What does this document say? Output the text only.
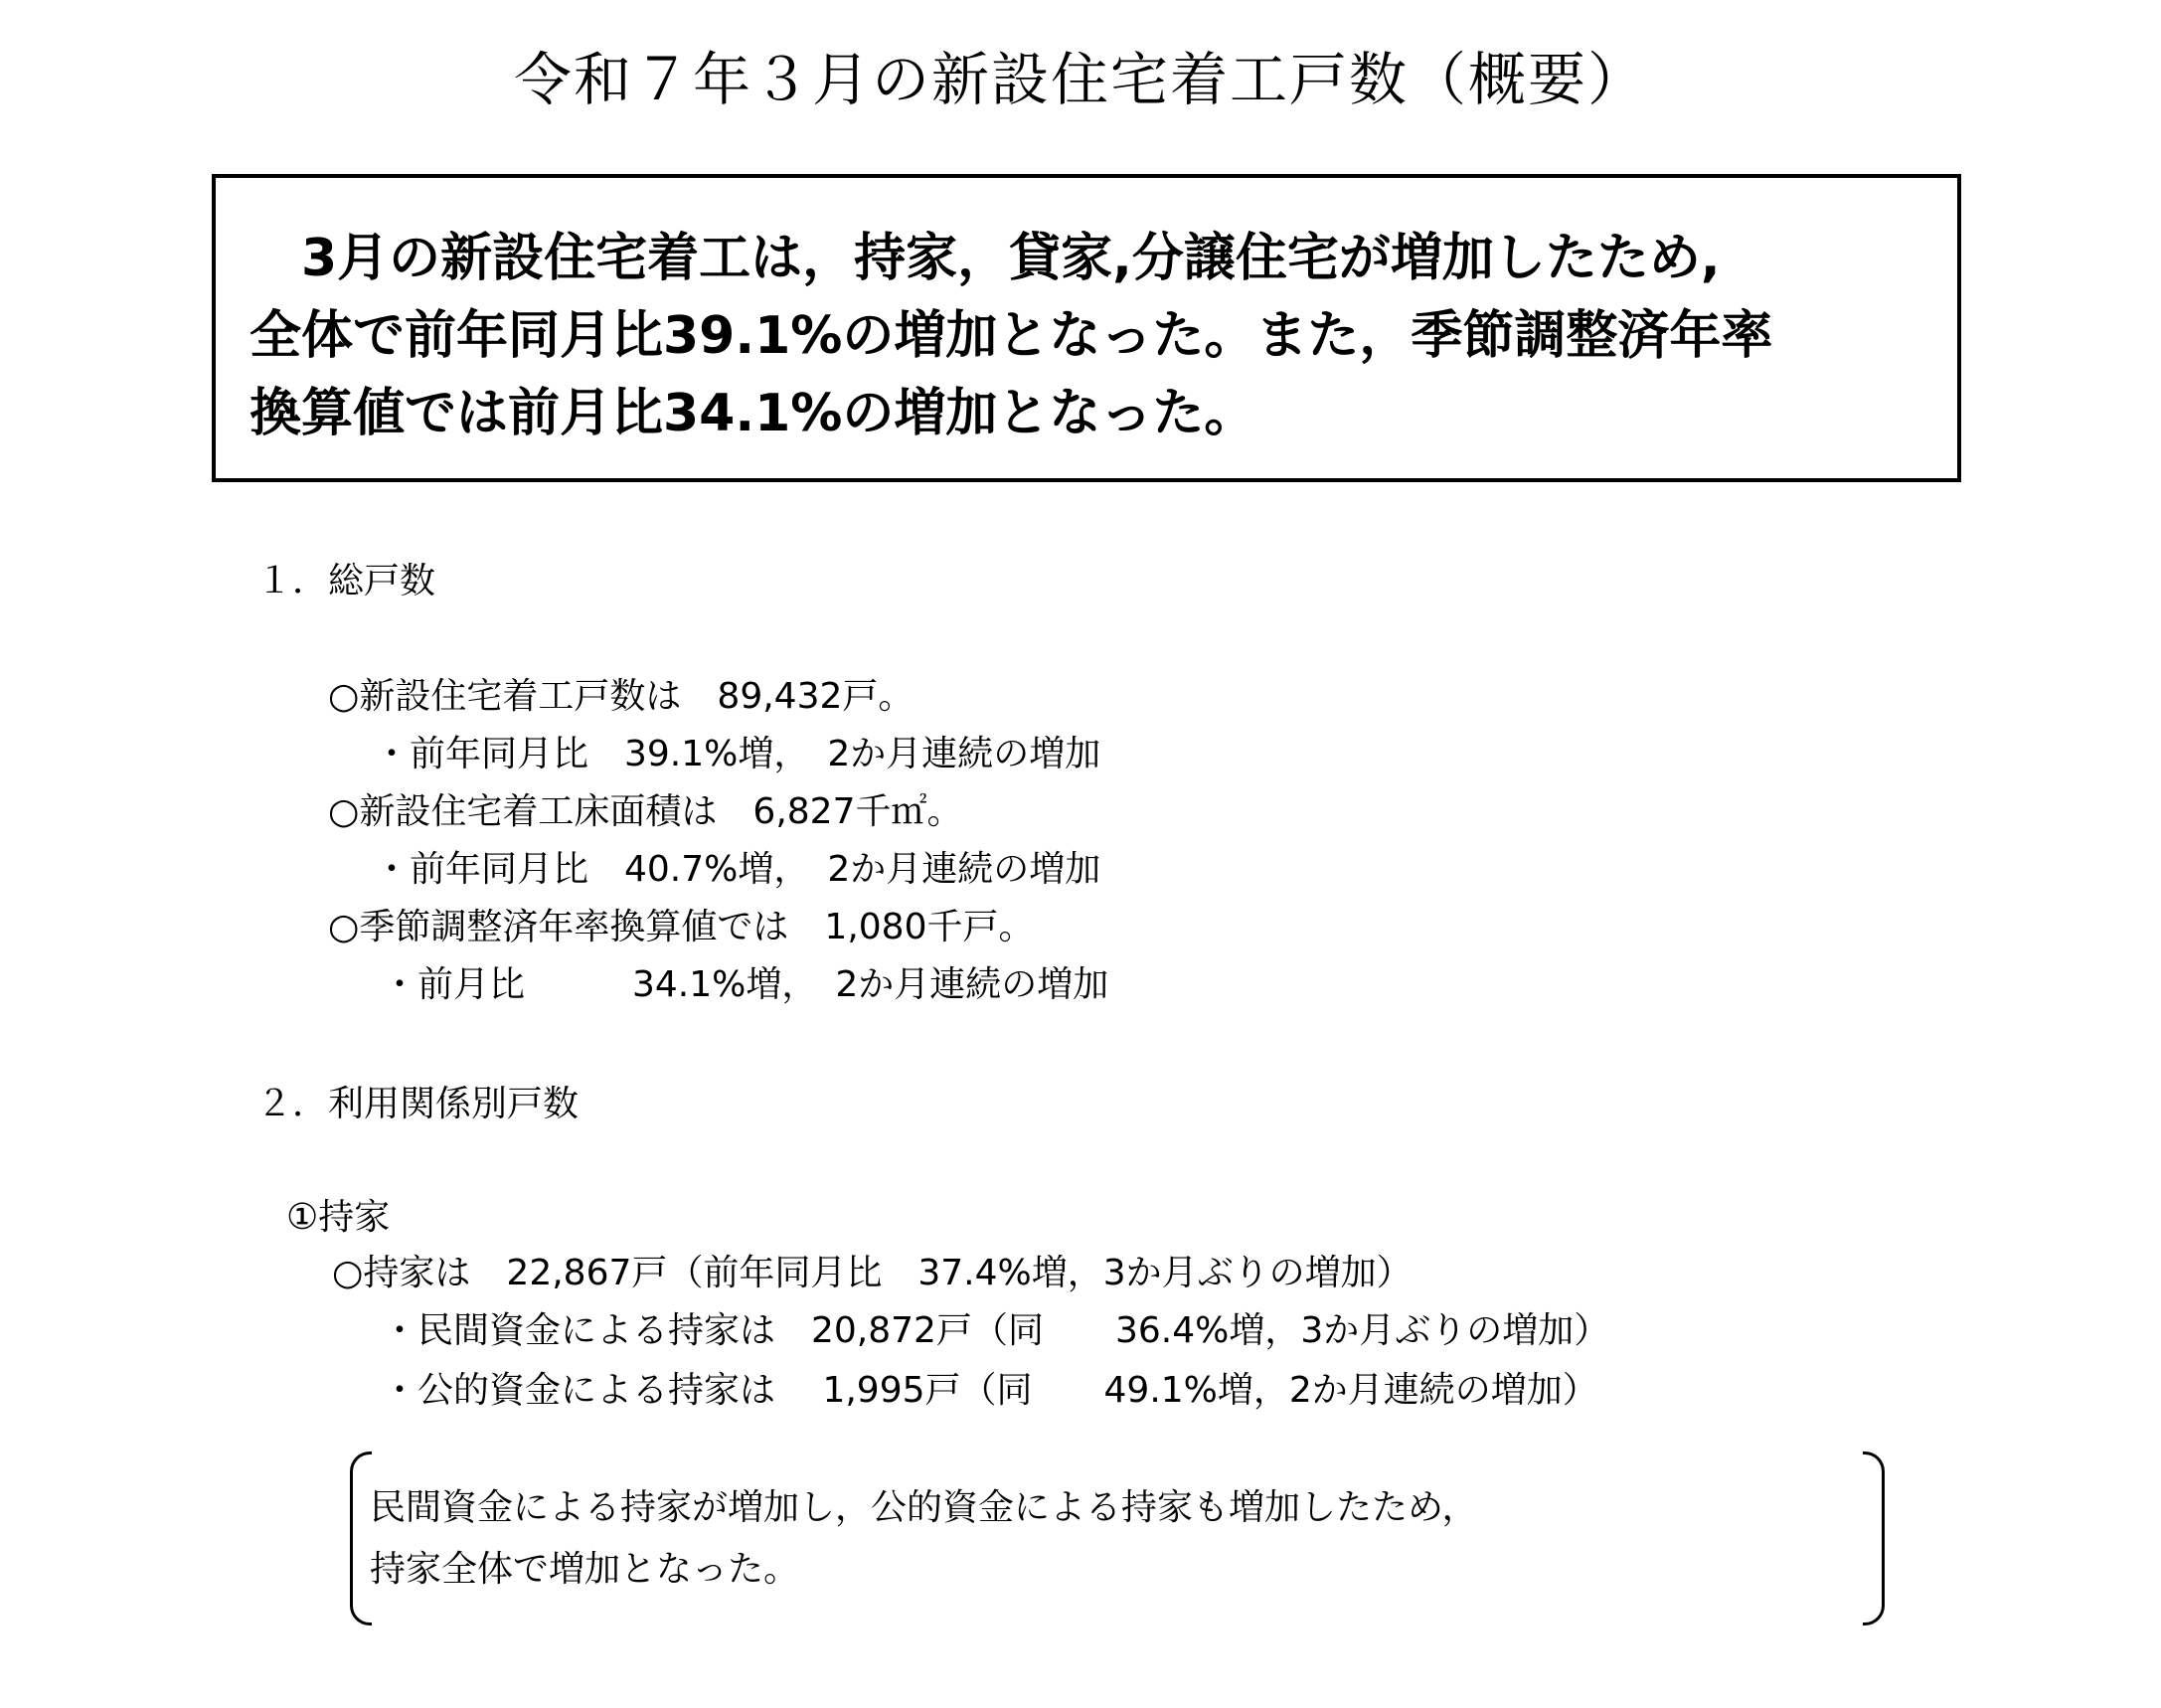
令和７年３月の新設住宅着工戸数（概要）
3月の新設住宅着工は，持家，貸家,分譲住宅が増加したため,
全体で前年同月比39.1%の増加となった。また，季節調整済年率
換算値では前月比34.1%の増加となった。
１．総戸数
○新設住宅着工戸数は　89,432戸。
・前年同月比　39.1%増，　2か月連続の増加
○新設住宅着工床面積は　6,827千㎡。
・前年同月比　40.7%増，　2か月連続の増加
○季節調整済年率換算値では　1,080千戸。
・前月比　　　34.1%増，　2か月連続の増加
２．利用関係別戸数
①持家
○持家は　22,867戸（前年同月比　37.4%増，3か月ぶりの増加）
・民間資金による持家は　20,872戸（同　　36.4%増，3か月ぶりの増加）
・公的資金による持家は　 1,995戸（同　　49.1%増，2か月連続の増加）
民間資金による持家が増加し，公的資金による持家も増加したため，
持家全体で増加となった。
